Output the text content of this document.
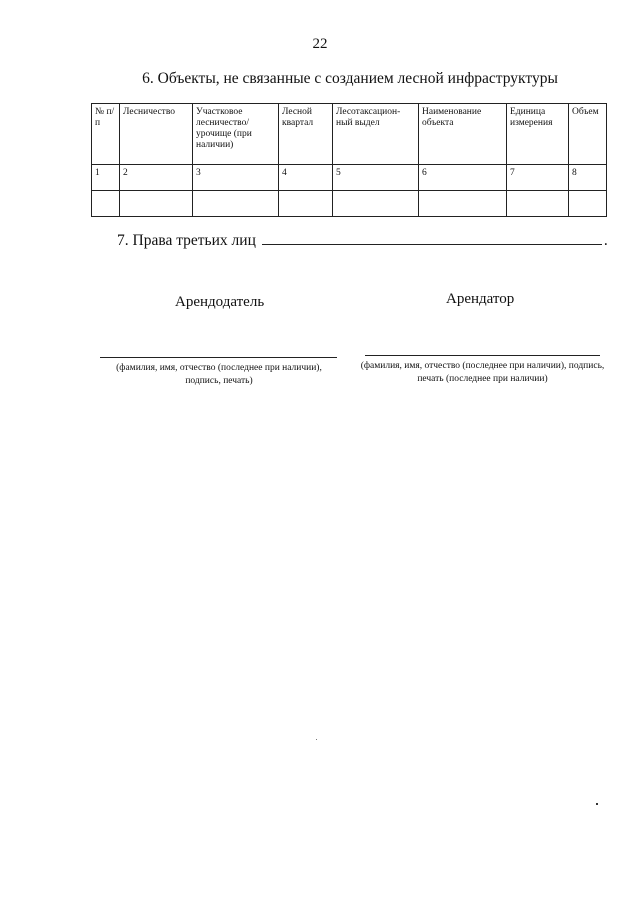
22
6. Объекты, не связанные с созданием лесной инфраструктуры
№ п/п	Лесничество	Участковое лесничество/ урочище (при наличии)	Лесной квартал	Лесотаксацион-ный выдел	Наименование объекта	Единица измерения	Объем
1	2	3	4	5	6	7	8

7. Права третьих лиц	.
Арендодатель	Арендатор
(фамилия, имя, отчество (последнее при наличии), подпись, печать)
(фамилия, имя, отчество (последнее при наличии), подпись, печать (последнее при наличии)
